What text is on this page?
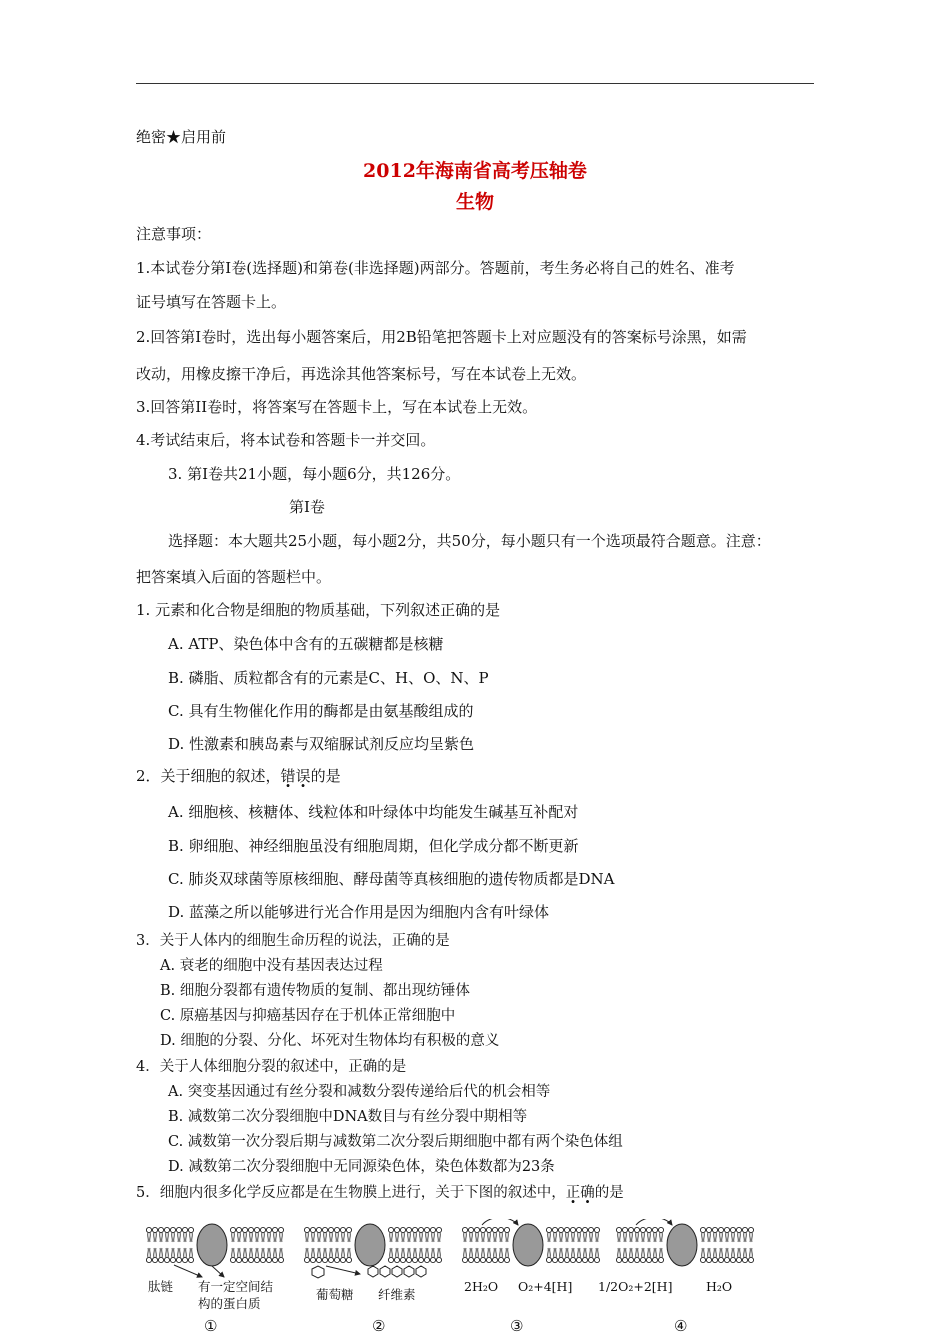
绝密★启用前
2012年海南省高考压轴卷
生物
注意事项：
1.本试卷分第Ⅰ卷(选择题)和第卷(非选择题)两部分。答题前，考生务必将自己的姓名、准考
证号填写在答题卡上。
2.回答第Ⅰ卷时，选出每小题答案后，用2B铅笔把答题卡上对应题没有的答案标号涂黑，如需
改动，用橡皮擦干净后，再选涂其他答案标号，写在本试卷上无效。
3.回答第II卷时，将答案写在答题卡上，写在本试卷上无效。
4.考试结束后，将本试卷和答题卡一并交回。
3. 第Ⅰ卷共21小题，每小题6分，共126分。
第Ⅰ卷
选择题：本大题共25小题，每小题2分，共50分，每小题只有一个选项最符合题意。注意：
把答案填入后面的答题栏中。
1. 元素和化合物是细胞的物质基础，下列叙述正确的是
A. ATP、染色体中含有的五碳糖都是核糖
B. 磷脂、质粒都含有的元素是C、H、O、N、P
C. 具有生物催化作用的酶都是由氨基酸组成的
D. 性激素和胰岛素与双缩脲试剂反应均呈紫色
2．关于细胞的叙述，错误的是
A. 细胞核、核糖体、线粒体和叶绿体中均能发生碱基互补配对
B. 卵细胞、神经细胞虽没有细胞周期，但化学成分都不断更新
C. 肺炎双球菌等原核细胞、酵母菌等真核细胞的遗传物质都是DNA
D. 蓝藻之所以能够进行光合作用是因为细胞内含有叶绿体
3．关于人体内的细胞生命历程的说法，正确的是
A. 衰老的细胞中没有基因表达过程
B. 细胞分裂都有遗传物质的复制、都出现纺锤体
C. 原癌基因与抑癌基因存在于机体正常细胞中
D. 细胞的分裂、分化、坏死对生物体均有积极的意义
4．关于人体细胞分裂的叙述中，正确的是
A. 突变基因通过有丝分裂和减数分裂传递给后代的机会相等
B. 减数第二次分裂细胞中DNA数目与有丝分裂中期相等
C. 减数第一次分裂后期与减数第二次分裂后期细胞中都有两个染色体组
D. 减数第二次分裂细胞中无同源染色体，染色体数都为23条
5．细胞内很多化学反应都是在生物膜上进行，关于下图的叙述中，正确的是
肽链 有一定空间结
构的蛋白质
①
葡萄糖 纤维素
②
2H₂O O₂+4[H]
③
1/2O₂+2[H]	H₂O
④
